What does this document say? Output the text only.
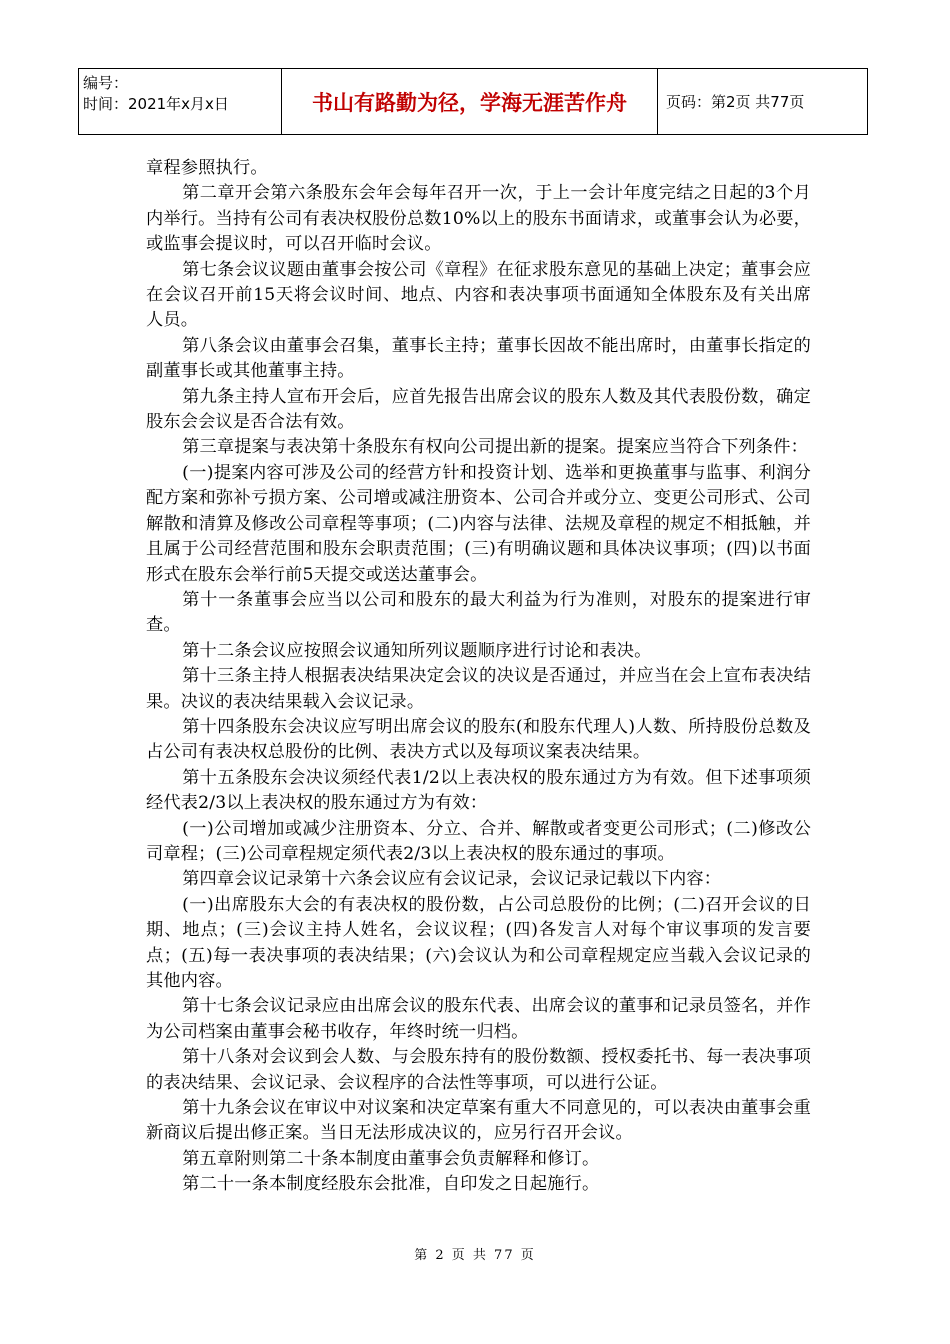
编号：
时间：2021年x月x日	书山有路勤为径，学海无涯苦作舟	页码：第2页 共77页

章程参照执行。

第二章开会第六条股东会年会每年召开一次，于上一会计年度完结之日起的3个月内举行。当持有公司有表决权股份总数10%以上的股东书面请求，或董事会认为必要，或监事会提议时，可以召开临时会议。

第七条会议议题由董事会按公司《章程》在征求股东意见的基础上决定；董事会应在会议召开前15天将会议时间、地点、内容和表决事项书面通知全体股东及有关出席人员。

第八条会议由董事会召集，董事长主持；董事长因故不能出席时，由董事长指定的副董事长或其他董事主持。

第九条主持人宣布开会后，应首先报告出席会议的股东人数及其代表股份数，确定股东会会议是否合法有效。

第三章提案与表决第十条股东有权向公司提出新的提案。提案应当符合下列条件：

(一)提案内容可涉及公司的经营方针和投资计划、选举和更换董事与监事、利润分配方案和弥补亏损方案、公司增或减注册资本、公司合并或分立、变更公司形式、公司解散和清算及修改公司章程等事项；(二)内容与法律、法规及章程的规定不相抵触，并且属于公司经营范围和股东会职责范围；(三)有明确议题和具体决议事项；(四)以书面形式在股东会举行前5天提交或送达董事会。

第十一条董事会应当以公司和股东的最大利益为行为准则，对股东的提案进行审查。

第十二条会议应按照会议通知所列议题顺序进行讨论和表决。

第十三条主持人根据表决结果决定会议的决议是否通过，并应当在会上宣布表决结果。决议的表决结果载入会议记录。

第十四条股东会决议应写明出席会议的股东(和股东代理人)人数、所持股份总数及占公司有表决权总股份的比例、表决方式以及每项议案表决结果。

第十五条股东会决议须经代表1/2以上表决权的股东通过方为有效。但下述事项须经代表2/3以上表决权的股东通过方为有效：

(一)公司增加或减少注册资本、分立、合并、解散或者变更公司形式；(二)修改公司章程；(三)公司章程规定须代表2/3以上表决权的股东通过的事项。

第四章会议记录第十六条会议应有会议记录，会议记录记载以下内容：

(一)出席股东大会的有表决权的股份数，占公司总股份的比例；(二)召开会议的日期、地点；(三)会议主持人姓名，会议议程；(四)各发言人对每个审议事项的发言要点；(五)每一表决事项的表决结果；(六)会议认为和公司章程规定应当载入会议记录的其他内容。

第十七条会议记录应由出席会议的股东代表、出席会议的董事和记录员签名，并作为公司档案由董事会秘书收存，年终时统一归档。

第十八条对会议到会人数、与会股东持有的股份数额、授权委托书、每一表决事项的表决结果、会议记录、会议程序的合法性等事项，可以进行公证。

第十九条会议在审议中对议案和决定草案有重大不同意见的，可以表决由董事会重新商议后提出修正案。当日无法形成决议的，应另行召开会议。

第五章附则第二十条本制度由董事会负责解释和修订。

第二十一条本制度经股东会批准，自印发之日起施行。

第 2 页 共 77 页
